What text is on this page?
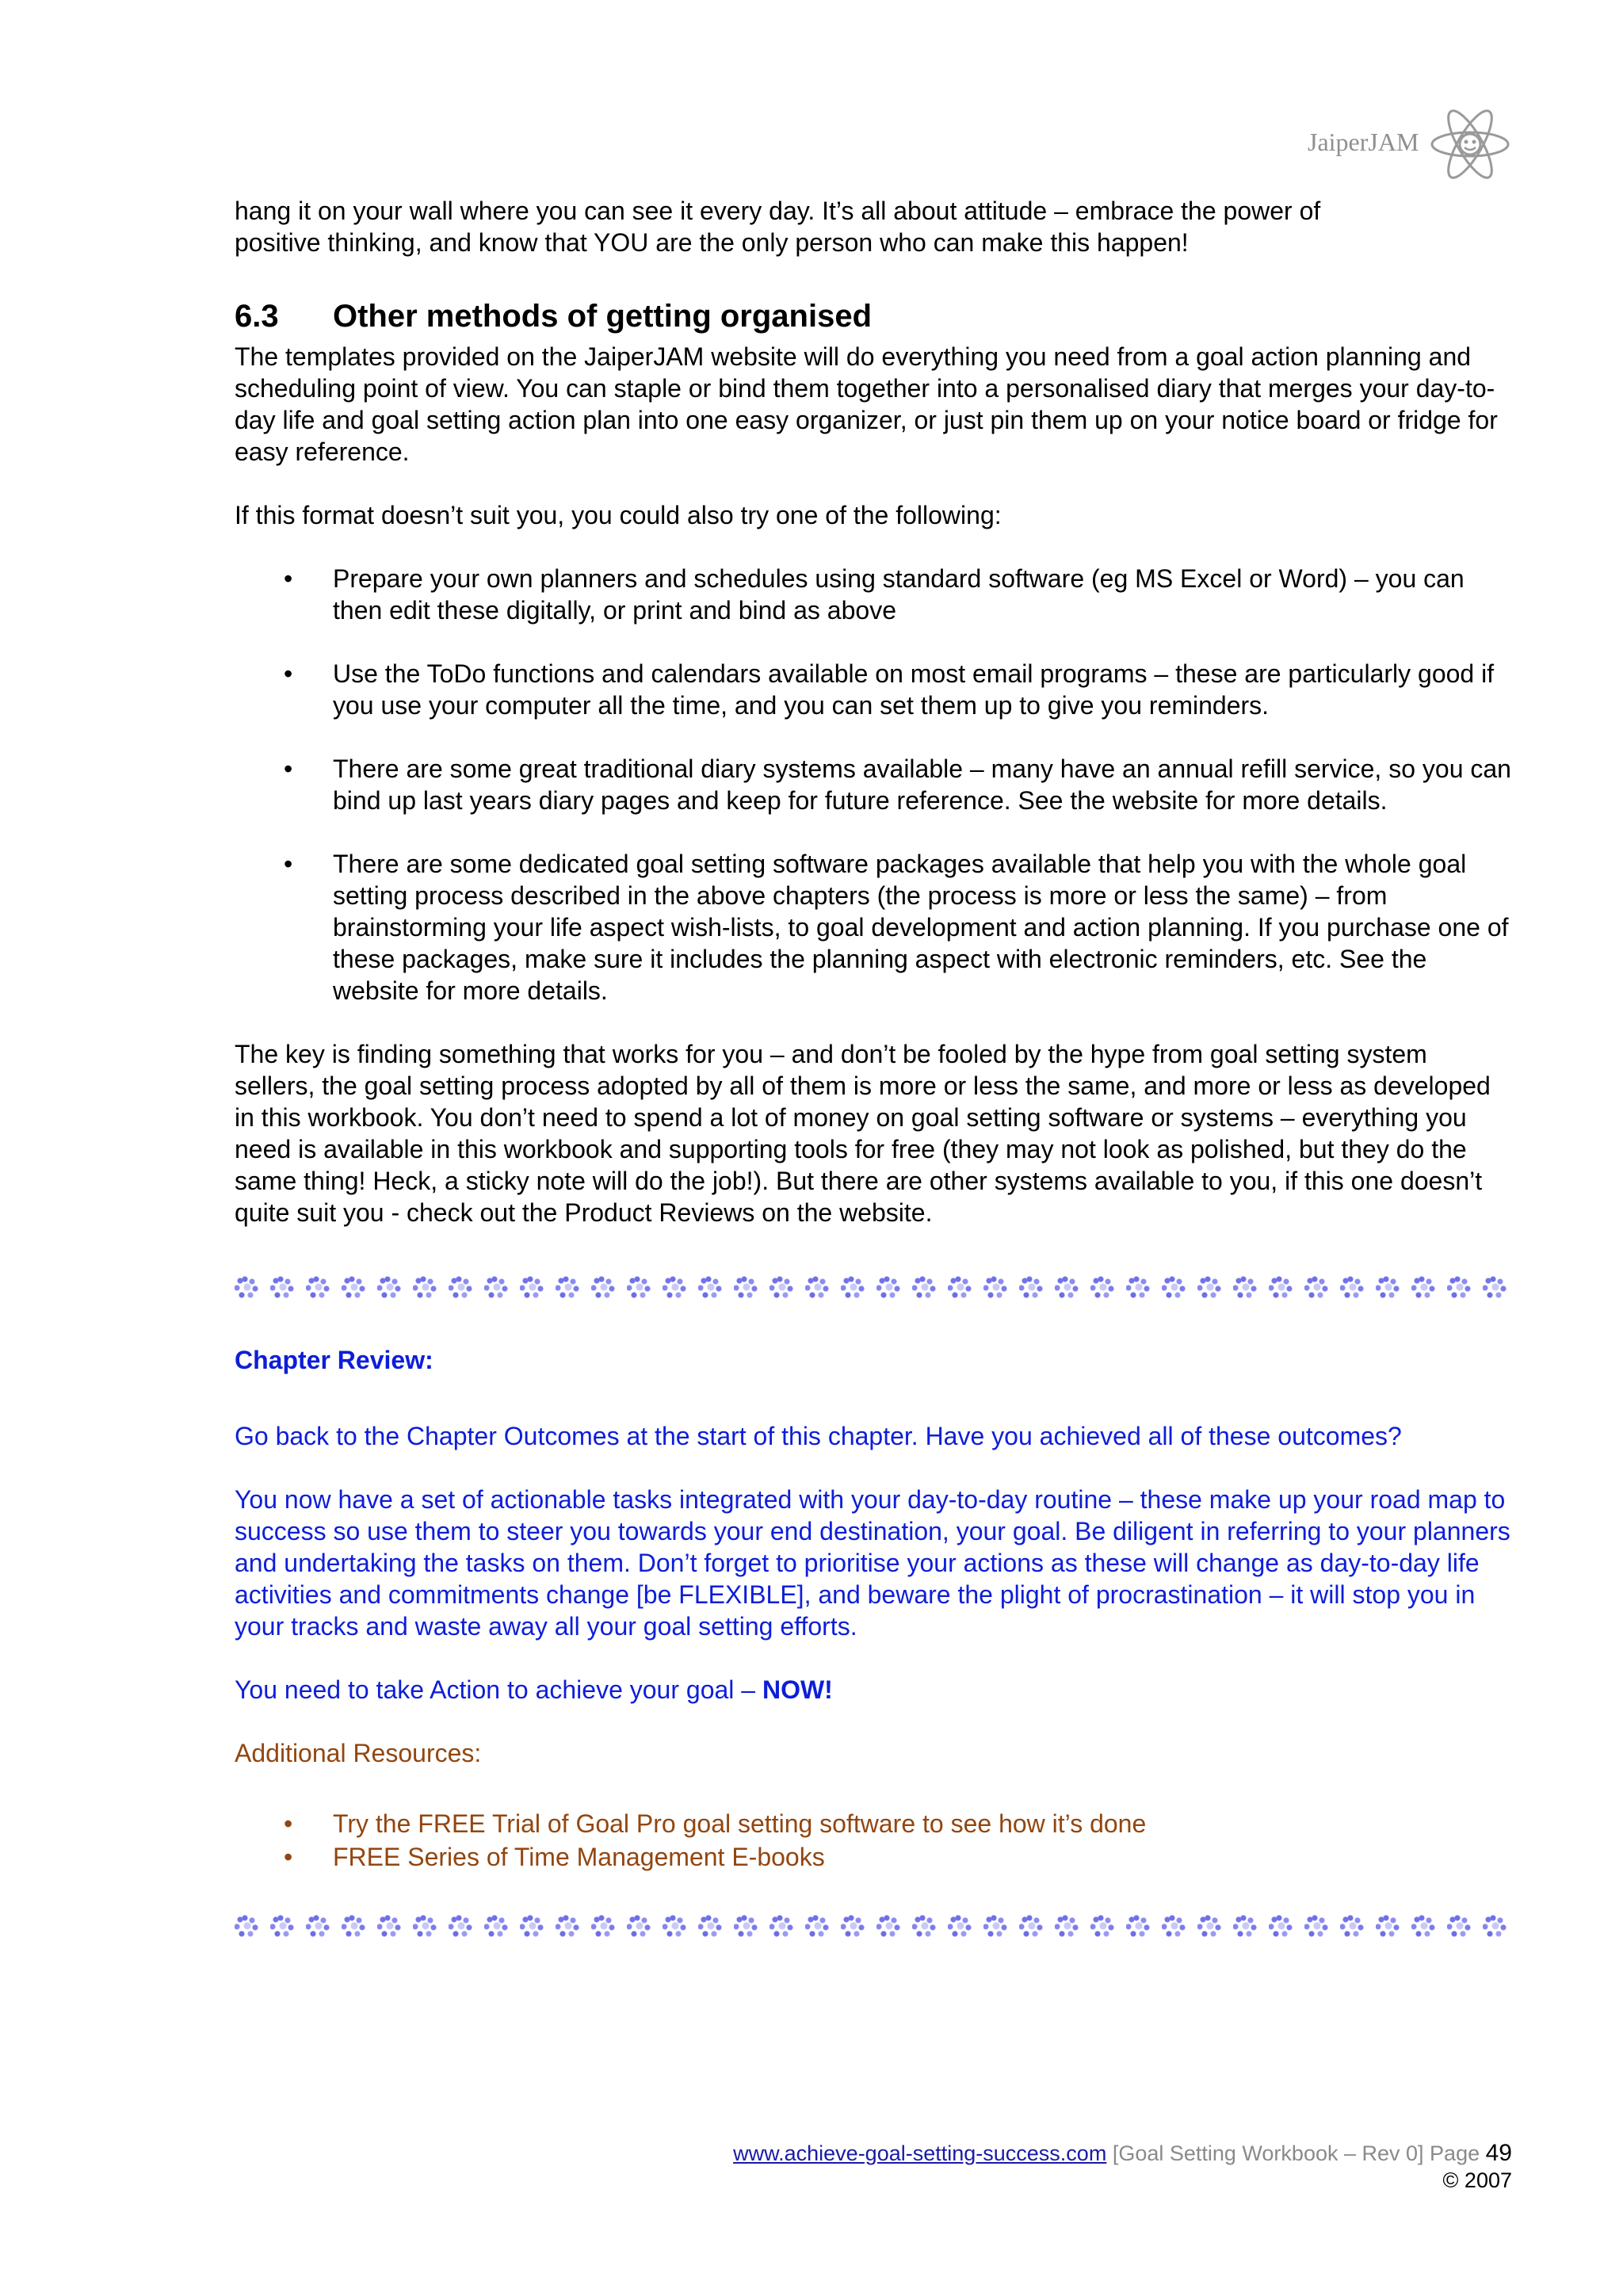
JaiperJAM

hang it on your wall where you can see it every day. It’s all about attitude – embrace the power of

positive thinking, and know that YOU are the only person who can make this happen!

6.3	Other methods of getting organised

The templates provided on the JaiperJAM website will do everything you need from a goal action planning and scheduling point of view. You can staple or bind them together into a personalised diary that merges your day-to-day life and goal setting action plan into one easy organizer, or just pin them up on your notice board or fridge for easy reference.

If this format doesn’t suit you, you could also try one of the following:

• Prepare your own planners and schedules using standard software (eg MS Excel or Word) – you can then edit these digitally, or print and bind as above
• Use the ToDo functions and calendars available on most email programs – these are particularly good if you use your computer all the time, and you can set them up to give you reminders.
• There are some great traditional diary systems available – many have an annual refill service, so you can bind up last years diary pages and keep for future reference. See the website for more details.
• There are some dedicated goal setting software packages available that help you with the whole goal setting process described in the above chapters (the process is more or less the same) – from brainstorming your life aspect wish-lists, to goal development and action planning. If you purchase one of these packages, make sure it includes the planning aspect with electronic reminders, etc. See the website for more details.

The key is finding something that works for you – and don’t be fooled by the hype from goal setting system sellers, the goal setting process adopted by all of them is more or less the same, and more or less as developed in this workbook. You don’t need to spend a lot of money on goal setting software or systems – everything you need is available in this workbook and supporting tools for free (they may not look as polished, but they do the same thing! Heck, a sticky note will do the job!). But there are other systems available to you, if this one doesn’t quite suit you - check out the Product Reviews on the website.

Chapter Review:

Go back to the Chapter Outcomes at the start of this chapter. Have you achieved all of these outcomes?

You now have a set of actionable tasks integrated with your day-to-day routine – these make up your road map to success so use them to steer you towards your end destination, your goal. Be diligent in referring to your planners and undertaking the tasks on them. Don’t forget to prioritise your actions as these will change as day-to-day life activities and commitments change [be FLEXIBLE], and beware the plight of procrastination – it will stop you in your tracks and waste away all your goal setting efforts.

You need to take Action to achieve your goal – NOW!

Additional Resources:

• Try the FREE Trial of Goal Pro goal setting software to see how it’s done
• FREE Series of Time Management E-books
www.achieve-goal-setting-success.com [Goal Setting Workbook – Rev 0] Page 49
© 2007
